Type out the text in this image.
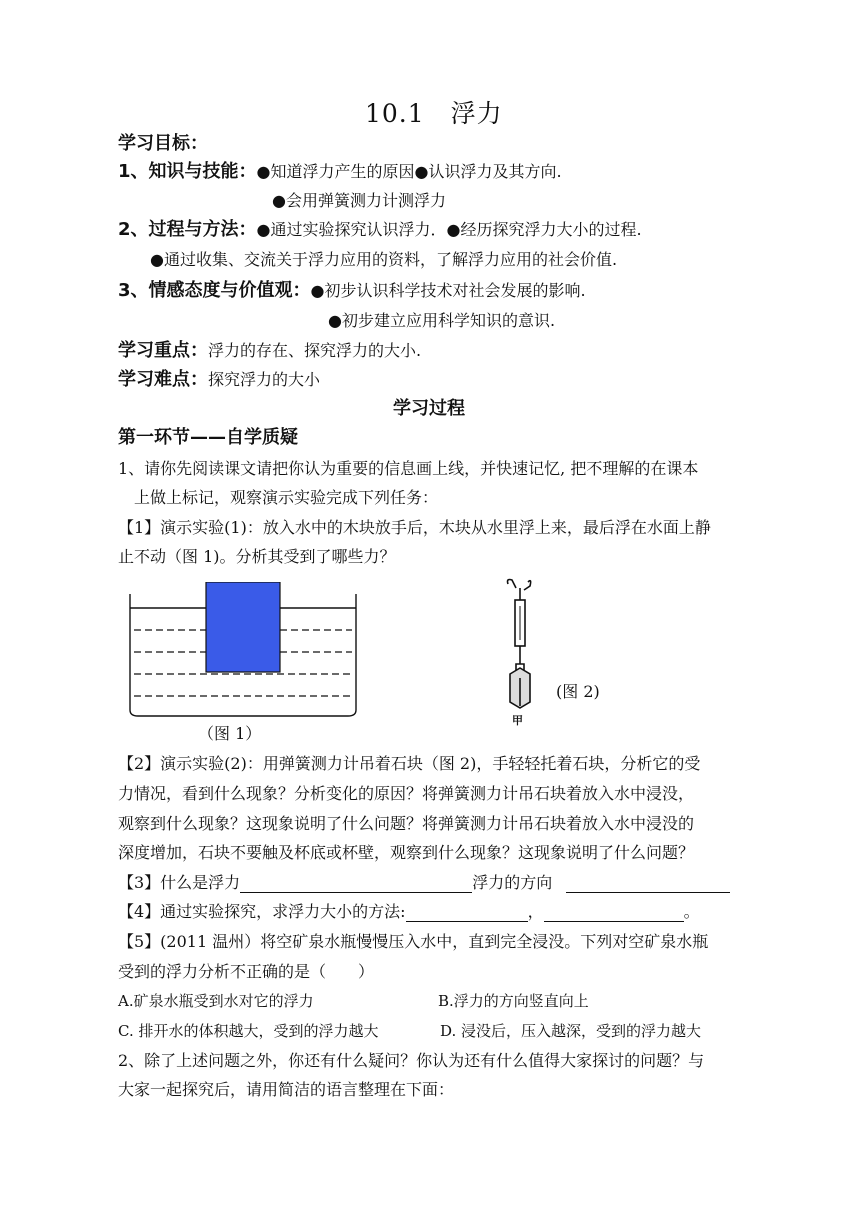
10.1　浮力
学习目标：
1、知识与技能：●知道浮力产生的原因●认识浮力及其方向.
●会用弹簧测力计测浮力
2、过程与方法：●通过实验探究认识浮力．●经历探究浮力大小的过程.
●通过收集、交流关于浮力应用的资料，了解浮力应用的社会价值.
3、情感态度与价值观：●初步认识科学技术对社会发展的影响.
●初步建立应用科学知识的意识.
学习重点：浮力的存在、探究浮力的大小.
学习难点：探究浮力的大小
学习过程
第一环节——自学质疑
1、请你先阅读课文请把你认为重要的信息画上线，并快速记忆, 把不理解的在课本
上做上标记，观察演示实验完成下列任务：
【1】演示实验(1)：放入水中的木块放手后，木块从水里浮上来，最后浮在水面上静
止不动（图 1)。分析其受到了哪些力？
（图 1）
甲
(图 2)
【2】演示实验(2)：用弹簧测力计吊着石块（图 2)，手轻轻托着石块，分析它的受
力情况，看到什么现象？分析变化的原因？将弹簧测力计吊石块着放入水中浸没，
观察到什么现象？这现象说明了什么问题？将弹簧测力计吊石块着放入水中浸没的
深度增加，石块不要触及杯底或杯壁，观察到什么现象？这现象说明了什么问题？
【3】什么是浮力	浮力的方向
【4】通过实验探究，求浮力大小的方法:	，	。
【5】(2011 温州）将空矿泉水瓶慢慢压入水中，直到完全浸没。下列对空矿泉水瓶
受到的浮力分析不正确的是（　　）
A.矿泉水瓶受到水对它的浮力	B.浮力的方向竖直向上
C. 排开水的体积越大，受到的浮力越大	D. 浸没后，压入越深，受到的浮力越大
2、除了上述问题之外，你还有什么疑问？你认为还有什么值得大家探讨的问题？与
大家一起探究后，请用简洁的语言整理在下面：
